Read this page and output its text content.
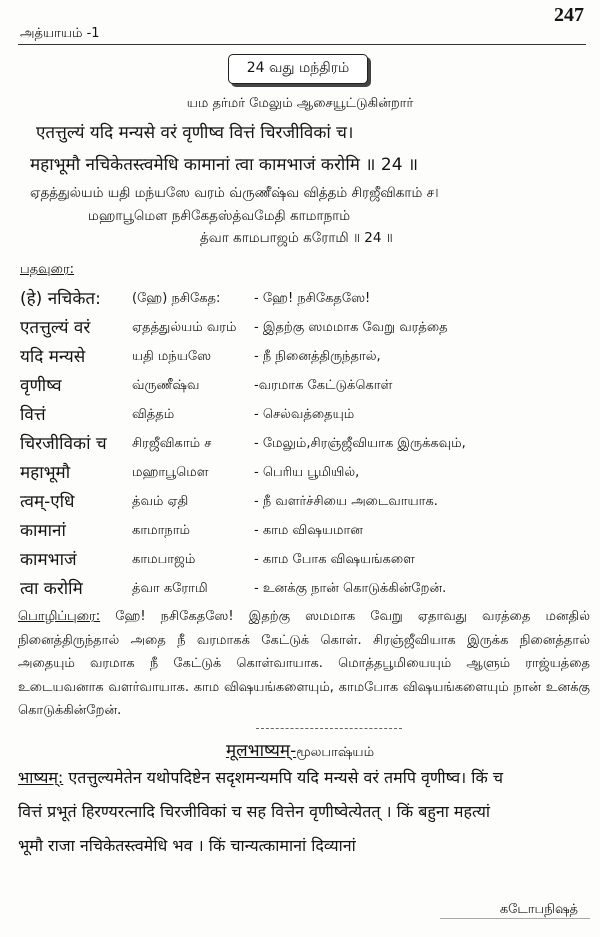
அத்யாயம் -1
247
24 வது மந்திரம்
யம தர்மர் மேலும் ஆசையூட்டுகின்றார்
एतत्तुल्यं यदि मन्यसे वरं वृणीष्व वित्तं चिरजीविकां च।
महाभूमौ नचिकेतस्त्वमेधि कामानां त्वा कामभाजं करोमि ॥ 24 ॥
ஏதத்துல்யம் யதி மந்யஸே வரம் வ்ருணீஷ்வ வித்தம் சிரஜீவிகாம் ச।
மஹாபூமௌ நசிகேதஸ்த்வமேதி காமாநாம்
த்வா காமபாஜம் கரோமி ॥ 24 ॥
பதவுரை:
(हे) नचिकेत: (ஹே) நசிகேத:	- ஹே! நசிகேதஸே!
एतत्तुल्यं वरं	ஏதத்துல்யம் வரம் - இதற்கு ஸமமாக வேறு வரத்தை
यदि मन्यसे	யதி மந்யஸே	- நீ நினைத்திருந்தால்,
वृणीष्व	வ்ருணீஷ்வ	-வரமாக கேட்டுக்கொள்
वित्तं	வித்தம்	- செல்வத்தையும்
चिरजीविकां च சிரஜீவிகாம் ச	- மேலும்,சிரஞ்ஜீவியாக இருக்கவும்,
महाभूमौ	மஹாபூமௌ	- பெரிய பூமியில்,
त्वम्-एधि	த்வம் ஏதி	- நீ வளர்ச்சியை அடைவாயாக.
कामानां	காமாநாம்	- காம விஷயமான
कामभाजं	காமபாஜம்	- காம போக விஷயங்களை
त्वा करोमि	த்வா கரோமி	- உனக்கு நான் கொடுக்கின்றேன்.
பொழிப்புரை: ஹே! நசிகேதஸே! இதற்கு ஸமமாக வேறு ஏதாவது வரத்தை மனதில் நினைத்திருந்தால் அதை நீ வரமாகக் கேட்டுக் கொள். சிரஞ்ஜீவியாக இருக்க நினைத்தால் அதையும் வரமாக நீ கேட்டுக் கொள்வாயாக. மொத்தபூமியையும் ஆளும் ராஜ்யத்தை உடையவனாக வளர்வாயாக. காம விஷயங்களையும், காமபோக விஷயங்களையும் நான் உனக்கு கொடுக்கின்றேன்.
मूलभाष्यम्-மூலபாஷ்யம்
भाष्यम्: एतत्तुल्यमेतेन यथोपदिष्टेन सदृशमन्यमपि यदि मन्यसे वरं तमपि वृणीष्व। किं च
वित्तं प्रभूतं हिरण्यरत्नादि चिरजीविकां च सह वित्तेन वृणीष्वेत्येतत् । किं बहुना महत्यां
भूमौ राजा नचिकेतस्त्वमेधि भव । किं चान्यत्कामानां दिव्यानां
கடோபநிஷத்
